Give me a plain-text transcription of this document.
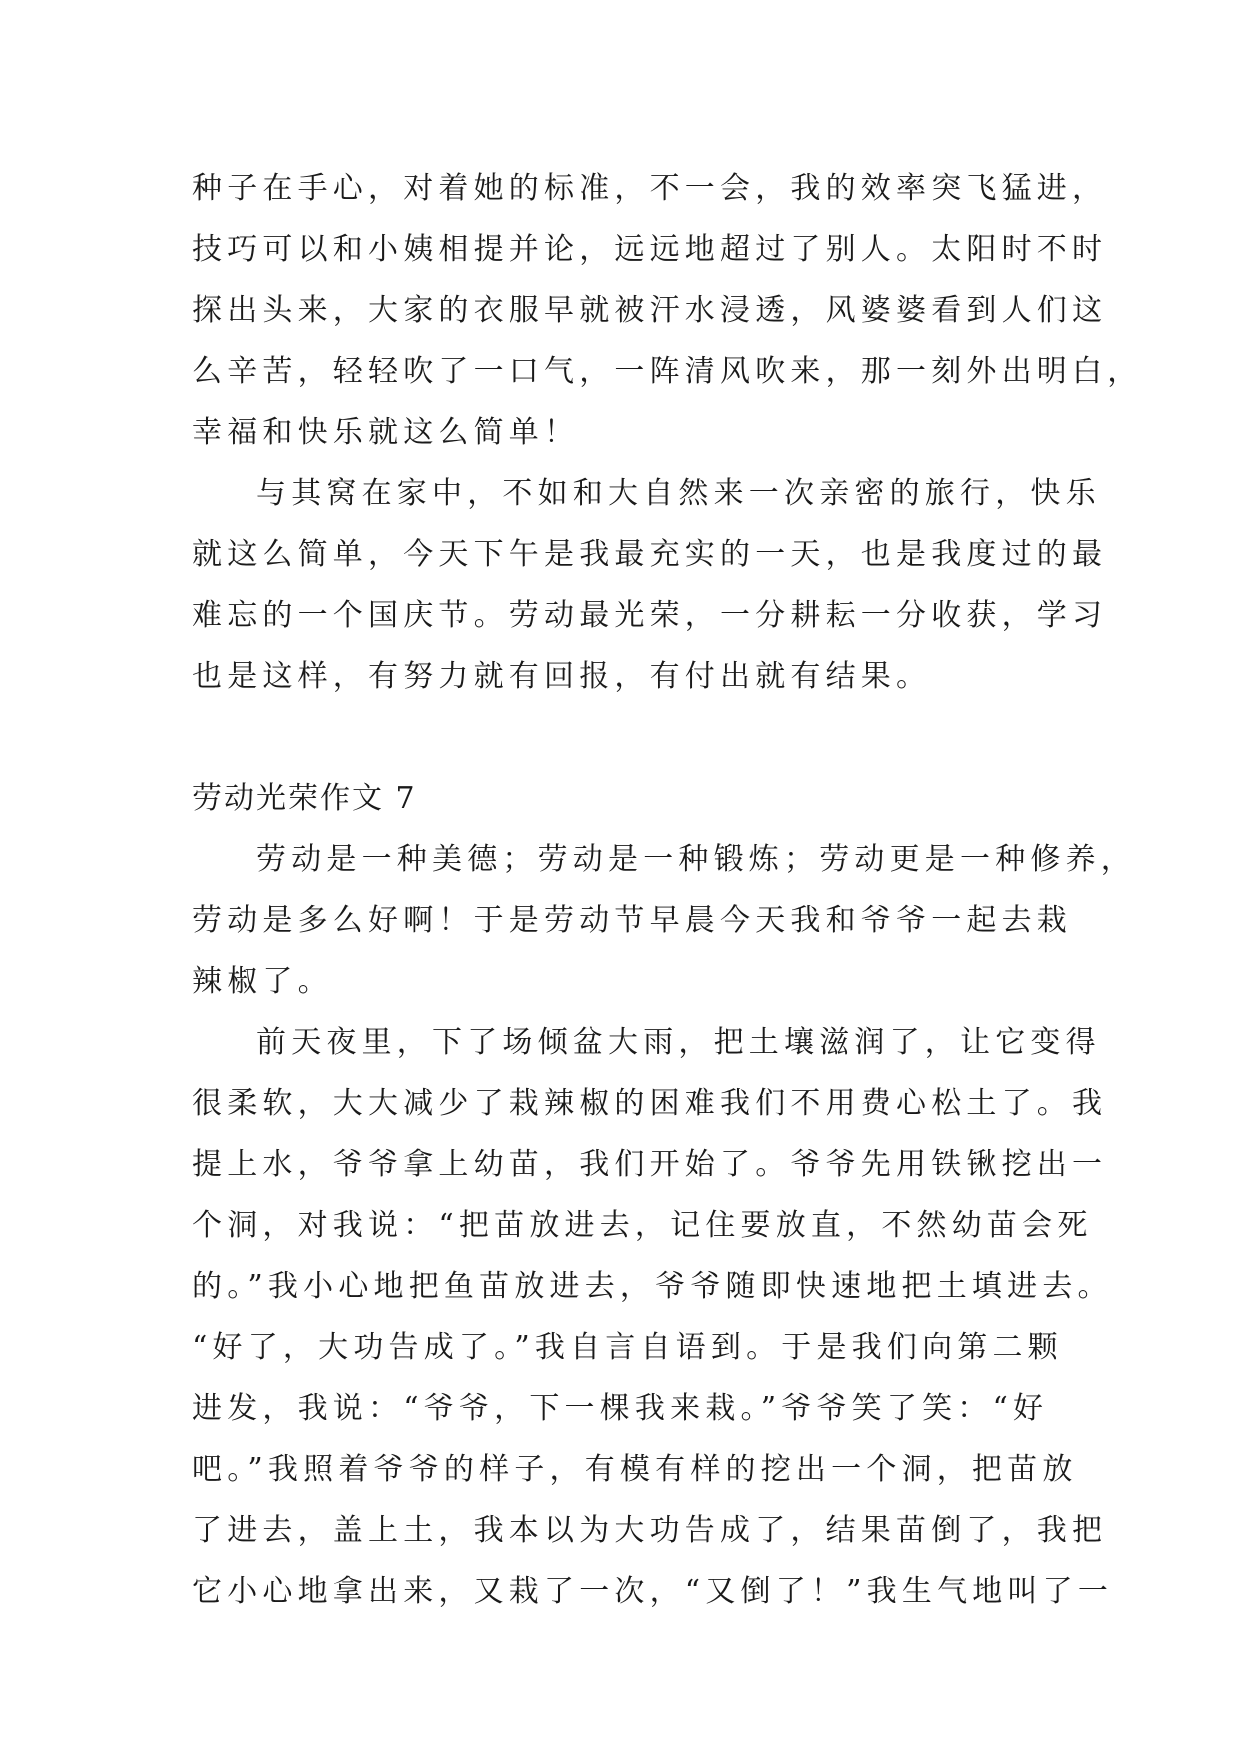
种子在手心，对着她的标准，不一会，我的效率突飞猛进，
技巧可以和小姨相提并论，远远地超过了别人。太阳时不时
探出头来，大家的衣服早就被汗水浸透，风婆婆看到人们这
么辛苦，轻轻吹了一口气，一阵清风吹来，那一刻外出明白，
幸福和快乐就这么简单！
与其窝在家中，不如和大自然来一次亲密的旅行，快乐
就这么简单，今天下午是我最充实的一天，也是我度过的最
难忘的一个国庆节。劳动最光荣，一分耕耘一分收获，学习
也是这样，有努力就有回报，有付出就有结果。
劳动光荣作文 7
劳动是一种美德；劳动是一种锻炼；劳动更是一种修养，
劳动是多么好啊！于是劳动节早晨今天我和爷爷一起去栽
辣椒了。
前天夜里，下了场倾盆大雨，把土壤滋润了，让它变得
很柔软，大大减少了栽辣椒的困难我们不用费心松土了。我
提上水，爷爷拿上幼苗，我们开始了。爷爷先用铁锹挖出一
个洞，对我说：“把苗放进去，记住要放直，不然幼苗会死
的。”我小心地把鱼苗放进去，爷爷随即快速地把土填进去。
“好了，大功告成了。”我自言自语到。于是我们向第二颗
进发，我说：“爷爷，下一棵我来栽。”爷爷笑了笑：“好
吧。”我照着爷爷的样子，有模有样的挖出一个洞，把苗放
了进去，盖上土，我本以为大功告成了，结果苗倒了，我把
它小心地拿出来，又栽了一次，“又倒了！”我生气地叫了一
